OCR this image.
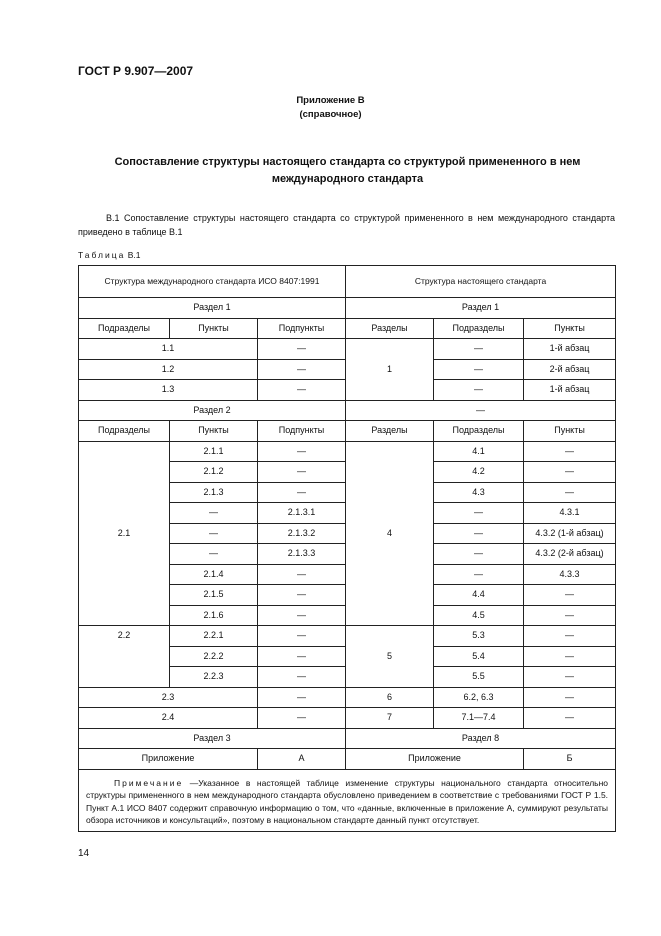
ГОСТ Р 9.907—2007
Приложение В
(справочное)
Сопоставление структуры настоящего стандарта со структурой примененного в нем международного стандарта
В.1 Сопоставление структуры настоящего стандарта со структурой примененного в нем международного стандарта приведено в таблице В.1
Таблица В.1
Структура международного стандарта ИСО 8407:1991			Структура настоящего стандарта		
Раздел 1			Раздел 1		
Подразделы	Пункты	Подпункты	Разделы	Подразделы	Пункты
1.1		—	1	—	1-й абзац
1.2		—		—	2-й абзац
1.3		—		—	1-й абзац
Раздел 2			—		
Подразделы	Пункты	Подпункты	Разделы	Подразделы	Пункты
2.1	2.1.1	—	4	4.1	—
	2.1.2	—		4.2	—
	2.1.3	—		4.3	—
	—	2.1.3.1		—	4.3.1
	—	2.1.3.2		—	4.3.2 (1-й абзац)
	—	2.1.3.3		—	4.3.2 (2-й абзац)
	2.1.4	—		—	4.3.3
	2.1.5	—		4.4	—
	2.1.6	—		4.5	—
2.2	2.2.1	—	5	5.3	—
	2.2.2	—		5.4	—
	2.2.3	—		5.5	—
2.3		—	6	6.2, 6.3	—
2.4		—	7	7.1—7.4	—
Раздел 3			Раздел 8		
Приложение		А	Приложение		Б
Примечание —Указанное в настоящей таблице изменение структуры национального стандарта относительно структуры примененного в нем международного стандарта обусловлено приведением в соответствие с требованиями ГОСТ Р 1.5. Пункт А.1 ИСО 8407 содержит справочную информацию о том, что «данные, включенные в приложение А, суммируют результаты обзора источников и консультаций», поэтому в национальном стандарте данный пункт отсутствует.					
14
